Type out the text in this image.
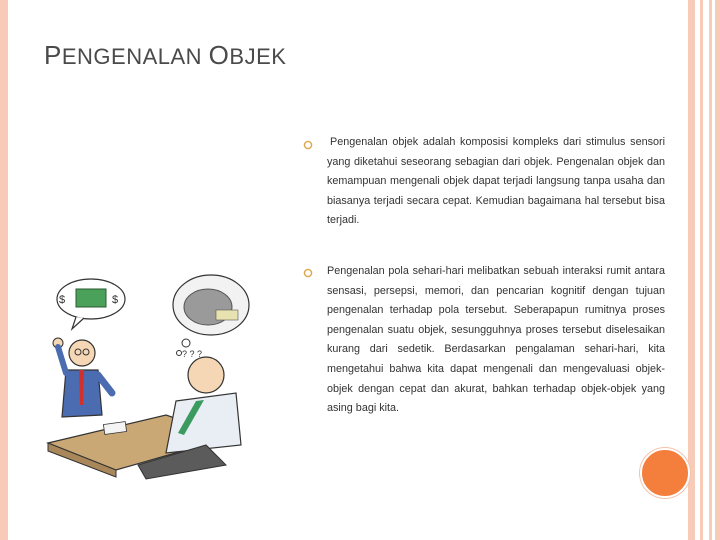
PENGENALAN OBJEK

Pengenalan objek adalah komposisi kompleks dari stimulus sensori yang diketahui seseorang sebagian dari objek. Pengenalan objek dan kemampuan mengenali objek dapat terjadi langsung tanpa usaha dan biasanya terjadi secara cepat. Kemudian bagaimana hal tersebut bisa terjadi.

Pengenalan pola sehari-hari melibatkan sebuah interaksi rumit antara sensasi, persepsi, memori, dan pencarian kognitif dengan tujuan pengenalan terhadap pola tersebut. Seberapapun rumitnya proses pengenalan suatu objek, sesungguhnya proses tersebut diselesaikan kurang dari sedetik. Berdasarkan pengalaman sehari-hari, kita mengetahui bahwa kita dapat mengenali dan mengevaluasi objek-objek dengan cepat dan akurat, bahkan terhadap objek-objek yang asing bagi kita.

$	$
? ? ?
